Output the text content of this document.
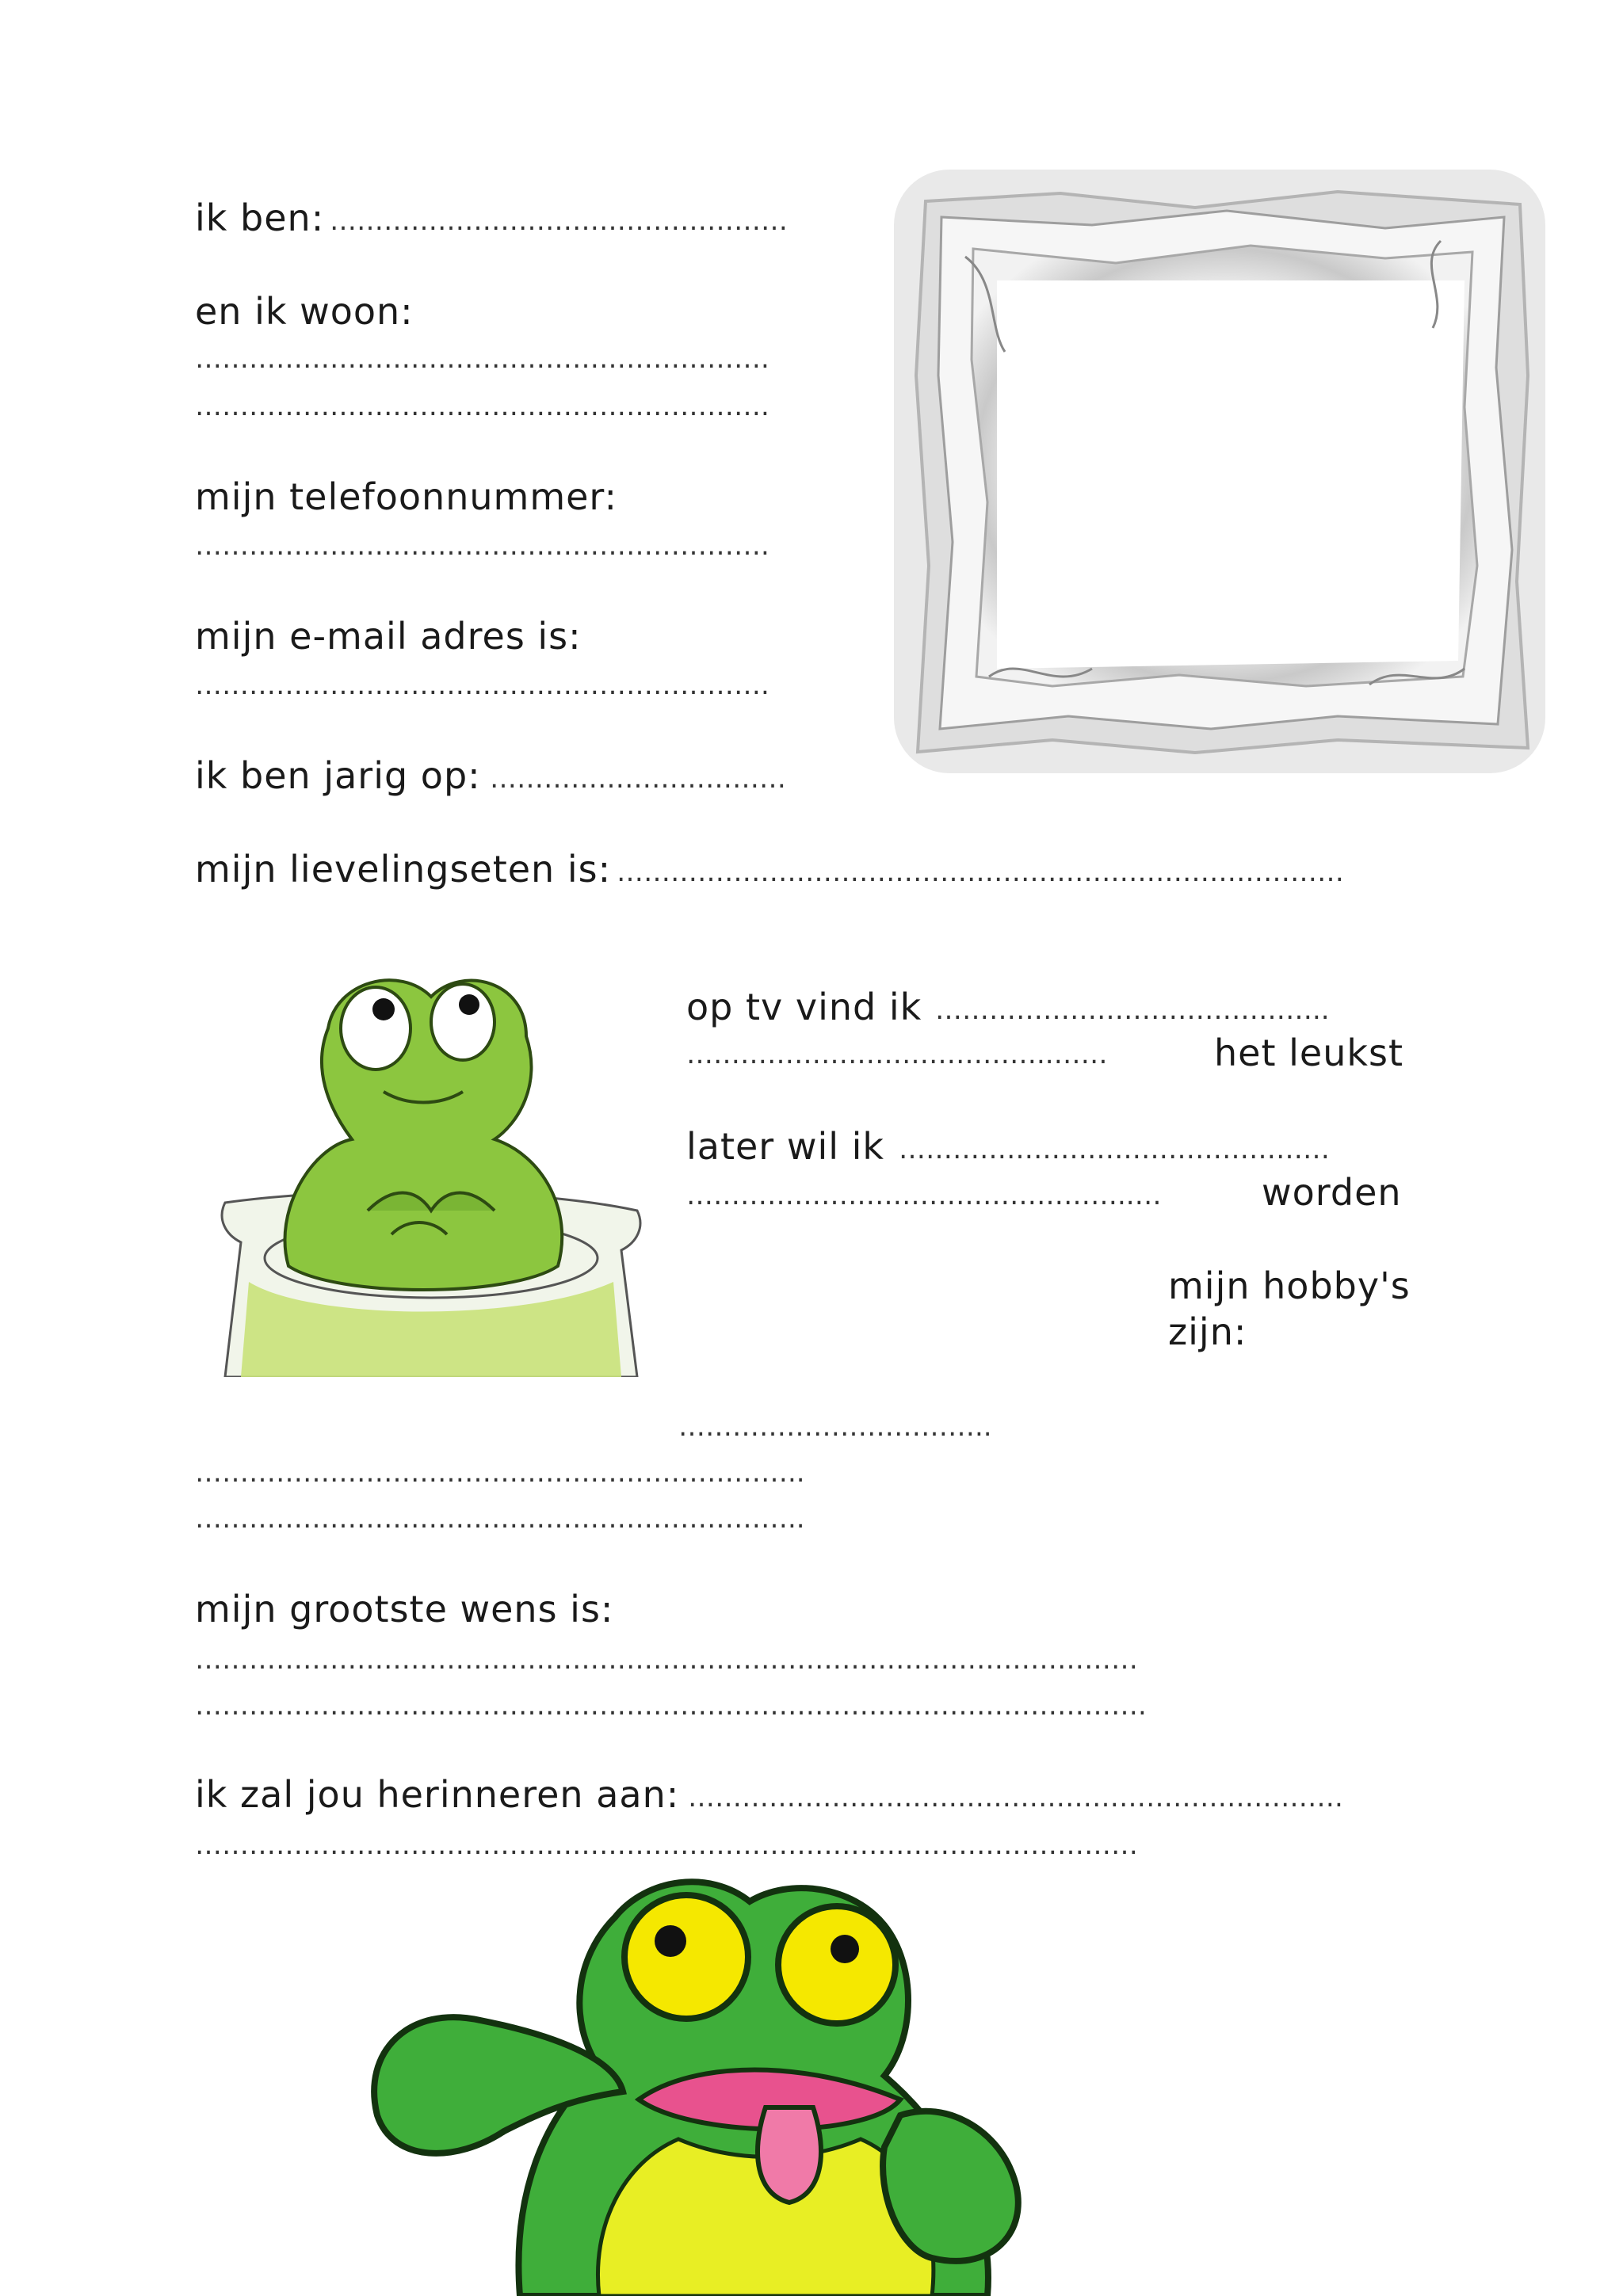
ik ben: ……………………………………………
en ik woon:
……………………………………………………….
……………………………………………………….
mijn telefoonnummer:
……………………………………………………….
mijn e-mail adres is:
……………………………………………………….
ik ben jarig op: ……………………………
mijn lievelingseten is: ………………………………………………………………………
op tv vind ik ……………………………………..
…………………………………..……	het leukst
later wil ik …………………………………………
…………………………………………..…	worden
mijn hobby's
zijn:
……………………………..
…………………………………………………………..
…………………………………………………………..
mijn grootste wens is:
……………………………………………………………………………………………
…………………………………………………………………………………………….
ik zal jou herinneren aan: ……………………………………………………………….
……………………………………………………………………………………………
